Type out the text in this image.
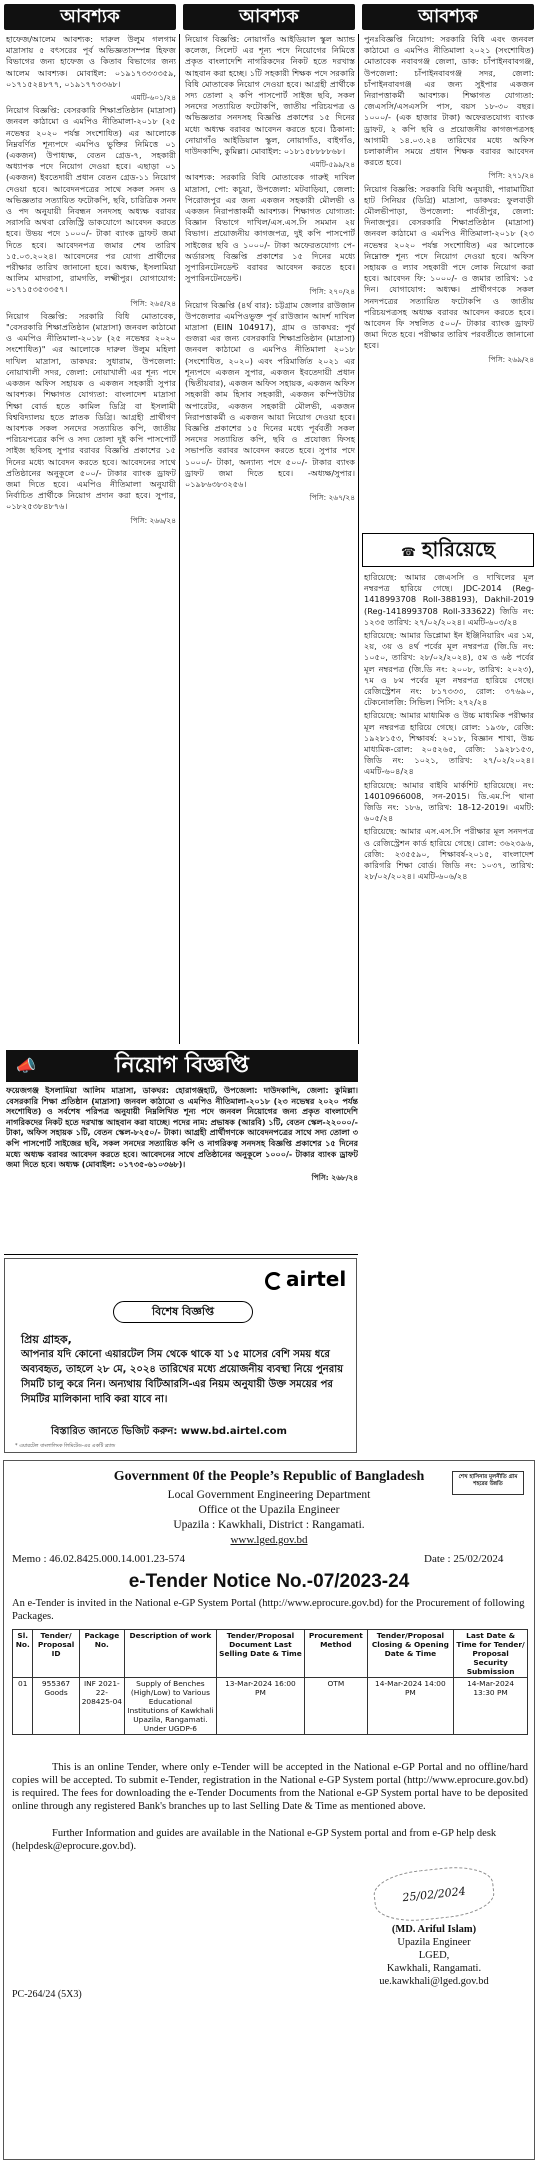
আবশ্যক	আবশ্যক	আবশ্যক

হাফেজ/আলেম আবশ্যক: দারুল উলুম গলগাম মাদ্রাসায় ৫ বৎসরের পূর্ব অভিজ্ঞতাসম্পন্ন হিফজ বিভাগের জন্য হাফেজ ও কিতাব বিভাগের জন্য আলেম আবশ্যক। মোবাইল: ০১৯১৭৩৩৩৩৫৯, ০১৭১৫২৪৮৭৭, ০১৯১৭৭৩৩৬৮।

এমটি-৬০১/২৪

নিয়োগ বিজ্ঞপ্তি: বেসরকারি শিক্ষাপ্রতিষ্ঠান (মাদ্রাসা) জনবল কাঠামো ও এমপিও নীতিমালা-২০১৮ (২৫ নভেম্বর ২০২০ পর্যন্ত সংশোধিত) এর আলোকে নিম্নবর্ণিত শূন্যপদে এমপিও ভুক্তির নিমিত্তে ০১ (একজন) উপাধ্যক্ষ, বেতন গ্রেড-৭, সহকারী অধ্যাপক পদে নিয়োগ দেওয়া হবে। এছাড়া ০১ (একজন) ইবতেদায়ী প্রধান বেতন গ্রেড-১১ নিয়োগ দেওয়া হবে। আবেদনপত্রের সাথে সকল সনদ ও অভিজ্ঞতার সত্যায়িত ফটোকপি, ছবি, চারিত্রিক সনদ ও পদ অনুযায়ী নিবন্ধন সনদসহ অধ্যক্ষ বরাবর সরাসরি অথবা রেজিস্ট্রি ডাকযোগে আবেদন করতে হবে। উভয় পদে ১০০০/- টাকা ব্যাংক ড্রাফট জমা দিতে হবে। আবেদনপত্র জমার শেষ তারিখ ১৫.০৩.২০২৪। আবেদনের পর যোগ্য প্রার্থীদের পরীক্ষার তারিখ জানানো হবে। অধ্যক্ষ, ইসলামিয়া আলিম মাদরাসা, রামগতি, লক্ষ্মীপুর। যোগাযোগ: ০১৭১৫৩৫৩৩৫৭।

পিসি: ২৬৫/২৪

নিয়োগ বিজ্ঞপ্তি: সরকারি বিধি মোতাবেক, "বেসরকারি শিক্ষাপ্রতিষ্ঠান (মাদ্রাসা) জনবল কাঠামো ও এমপিও নীতিমালা-২০১৮ (২৫ নভেম্বর ২০২০ সংশোধিত)" এর আলোকে দারুল উলুম মহিলা দাখিল মাদ্রাসা, ডাকঘর: সুধারাম, উপজেলা: নোয়াখালী সদর, জেলা: নোয়াখালী এর শূন্য পদে একজন অফিস সহায়ক ও একজন সহকারী সুপার আবশ্যক। শিক্ষাগত যোগ্যতা: বাংলাদেশ মাদ্রাসা শিক্ষা বোর্ড হতে কামিল ডিগ্রি বা ইসলামী বিশ্ববিদ্যালয় হতে স্নাতক ডিগ্রি। আগ্রহী প্রার্থীগণ আবশ্যক সকল সনদের সত্যায়িত কপি, জাতীয় পরিচয়পত্রের কপি ও সদ্য তোলা দুই কপি পাসপোর্ট সাইজ ছবিসহ সুপার বরাবর বিজ্ঞপ্তি প্রকাশের ১৫ দিনের মধ্যে আবেদন করতে হবে। আবেদনের সাথে প্রতিষ্ঠানের অনুকূলে ৫০০/- টাকার ব্যাংক ড্রাফট জমা দিতে হবে। এমপিও নীতিমালা অনুযায়ী নির্বাচিত প্রার্থীকে নিয়োগ প্রদান করা হবে। সুপার, ০১৮২৫৩৮৪৮৭৬।

পিসি: ২৬৬/২৪

নিয়োগ বিজ্ঞপ্তি: নোয়াগাঁও আইডিয়াল স্কুল অ্যান্ড কলেজ, সিলেট এর শূন্য পদে নিয়োগের নিমিত্তে প্রকৃত বাংলাদেশি নাগরিকদের নিকট হতে দরখাস্ত আহবান করা হচ্ছে। ১টি সহকারী শিক্ষক পদে সরকারি বিধি মোতাবেক নিয়োগ দেওয়া হবে। আগ্রহী প্রার্থীকে সদ্য তোলা ২ কপি পাসপোর্ট সাইজ ছবি, সকল সনদের সত্যায়িত ফটোকপি, জাতীয় পরিচয়পত্র ও অভিজ্ঞতার সনদসহ বিজ্ঞপ্তি প্রকাশের ১৫ দিনের মধ্যে অধ্যক্ষ বরাবর আবেদন করতে হবে। ঠিকানা: নোয়াগাঁও আইডিয়াল স্কুল, নোয়াগাঁও, বাইগাঁও, দাউদকান্দি, কুমিল্লা। মোবাইল: ০১৮১৫৮৮৮৮৬৮।

এমটি-৫৯৯/২৪

আবশ্যক: সরকারি বিধি মোতাবেক গারুই দাখিল মাদ্রাসা, পো: কচুয়া, উপজেলা: মটবাড়িয়া, জেলা: পিরোজপুর এর জন্য একজন সহকারী মৌলভী ও একজন নিরাপত্তাকর্মী আবশ্যক। শিক্ষাগত যোগ্যতা: বিজ্ঞান বিভাগে দাখিল/এস.এস.সি সমমান ২য় বিভাগ। প্রয়োজনীয় কাগজপত্র, দুই কপি পাসপোর্ট সাইজের ছবি ও ১০০০/- টাকা অফেরতযোগ্য পে-অর্ডারসহ বিজ্ঞপ্তি প্রকাশের ১৫ দিনের মধ্যে সুপারিনটেনডেন্ট বরাবর আবেদন করতে হবে। সুপারিনটেনডেন্ট।

পিসি: ২৭০/২৪

নিয়োগ বিজ্ঞপ্তি (৪র্থ বার): চট্টগ্রাম জেলার রাউজান উপজেলার এমপিওভুক্ত পূর্ব রাউজান আদর্শ দাখিল মাদ্রাসা (EIIN 104917), গ্রাম ও ডাকঘর: পূর্ব গুজরা এর জন্য বেসরকারি শিক্ষাপ্রতিষ্ঠান (মাদ্রাসা) জনবল কাঠামো ও এমপিও নীতিমালা ২০১৮ (সংশোধিত, ২০২০) এবং পরিমার্জিত ২০২১ এর শূন্যপদে একজন সুপার, একজন ইবতেদায়ী প্রধান (দ্বিতীয়বার), একজন অফিস সহায়ক, একজন অফিস সহকারী কাম হিসাব সহকারী, একজন কম্পিউটার অপারেটর, একজন সহকারী মৌলভী, একজন নিরাপত্তাকর্মী ও একজন আয়া নিয়োগ দেওয়া হবে। বিজ্ঞপ্তি প্রকাশের ১৫ দিনের মধ্যে পূর্ববর্তী সকল সনদের সত্যায়িত কপি, ছবি ও প্রযোজ্য ফিসহ সভাপতি বরাবর আবেদন করতে হবে। সুপার পদে ১০০০/- টাকা, অন্যান্য পদে ৫০০/- টাকার ব্যাংক ড্রাফট জমা দিতে হবে। -অধ্যক্ষ/সুপার। ০১৯৮৬৩৮৩২৫৬।

পিসি: ২৬৭/২৪

পুনঃবিজ্ঞপ্তি নিয়োগ: সরকারি বিধি এবং জনবল কাঠামো ও এমপিও নীতিমালা ২০২১ (সংশোধিত) মোতাবেক নবাবগঞ্জ জেলা, ডাক: চাঁপাইনবাবগঞ্জ, উপজেলা: চাঁপাইনবাবগঞ্জ সদর, জেলা: চাঁপাইনবাবগঞ্জ এর জন্য সুইপার একজন নিরাপত্তাকর্মী আবশ্যক। শিক্ষাগত যোগ্যতা: জেএসসি/এসএসসি পাস, বয়স ১৮-৩০ বছর। ১০০০/- (এক হাজার টাকা) অফেরতযোগ্য ব্যাংক ড্রাফট, ২ কপি ছবি ও প্রয়োজনীয় কাগজপত্রসহ আগামী ১৪.০৩.২৪ তারিখের মধ্যে অফিস চলাকালীন সময়ে প্রধান শিক্ষক বরাবর আবেদন করতে হবে।

পিসি: ২৭১/২৪

নিয়োগ বিজ্ঞপ্তি: সরকারি বিধি অনুযায়ী, পারামাটিয়া হাট সিনিয়র (ডিগ্রি) মাদ্রাসা, ডাকঘর: ফুলবাড়ী মৌলভীপাড়া, উপজেলা: পার্বতীপুর, জেলা: দিনাজপুর। বেসরকারি শিক্ষাপ্রতিষ্ঠান (মাদ্রাসা) জনবল কাঠামো ও এমপিও নীতিমালা-২০১৮ (২৩ নভেম্বর ২০২০ পর্যন্ত সংশোধিত) এর আলোকে নিম্নোক্ত শূন্য পদে নিয়োগ দেওয়া হবে। অফিস সহায়ক ও ল্যাব সহকারী পদে লোক নিয়োগ করা হবে। আবেদন ফি: ১০০০/- ও জমার তারিখ: ১৫ দিন। যোগাযোগ: অধ্যক্ষ। প্রার্থীগণকে সকল সনদপত্রের সত্যায়িত ফটোকপি ও জাতীয় পরিচয়পত্রসহ অধ্যক্ষ বরাবর আবেদন করতে হবে। আবেদন ফি সম্বলিত ৫০০/- টাকার ব্যাংক ড্রাফট জমা দিতে হবে। পরীক্ষার তারিখ পরবর্তীতে জানানো হবে।

পিসি: ২৬৯/২৪

☎ হারিয়েছে

হারিয়েছে: আমার জেএসসি ও দাখিলের মূল নম্বরপত্র হারিয়ে গেছে। JDC-2014 (Reg-1418993708 Roll-388193), Dakhil-2019 (Reg-1418993708 Roll-333622) জিডি নং: ১২৩৫ তারিখ: ২৭/০২/২০২৪। এমটি-৬০৩/২৪

হারিয়েছে: আমার ডিপ্লোমা ইন ইঞ্জিনিয়ারিং এর ১ম, ২য়, ৩য় ও ৪র্থ পর্বের মূল নম্বরপত্র (জি.ডি নং: ১০৫০, তারিখ: ২৮/০২/২০২৪), ৫ম ও ৬ষ্ঠ পর্বের মূল নম্বরপত্র (জি.ডি নং: ২০০৮, তারিখ: ২০২৩), ৭ম ও ৮ম পর্বের মূল নম্বরপত্র হারিয়ে গেছে। রেজিস্ট্রেশন নং: ৮১৭৩৩৩, রোল: ৩৭৬৯০, টেকনোলজি: সিভিল। পিসি: ২৭২/২৪

হারিয়েছে: আমার মাধ্যমিক ও উচ্চ মাধ্যমিক পরীক্ষার মূল নম্বরপত্র হারিয়ে গেছে। রোল: ১৯৩৮, রেজি: ১৯২৮১৫৩, শিক্ষাবর্ষ: ২০১৮, বিজ্ঞান শাখা, উচ্চ মাধ্যমিক-রোল: ২০৫২৬৫, রেজি: ১৯২৮১৫৩, জিডি নং: ১০২১, তারিখ: ২৭/০২/২০২৪। এমটি-৬০৪/২৪

হারিয়েছে: আমার বাইবি মার্কশিট হারিয়েছে। নং: 14010966008, সন-2015। ডি.এম.পি থানা জিডি নং: ১৮৬, তারিখ: 18-12-2019। এমটি: ৬০৫/২৪

হারিয়েছে: আমার এস.এস.সি পরীক্ষার মূল সনদপত্র ও রেজিস্ট্রেশন কার্ড হারিয়ে গেছে। রোল: ৩৬২৩৯৬, রেজি: ২৩৫৫৯০, শিক্ষাবর্ষ-২০১৫, বাংলাদেশ কারিগরি শিক্ষা বোর্ড। জিডি নং: ১০৩৭, তারিখ: ২৮/০২/২০২৪। এমটি-৬০৬/২৪

📣	নিয়োগ বিজ্ঞপ্তি

ফয়েজগঞ্জ ইসলামিয়া আলিম মাদ্রাসা, ডাকঘর: হোরাগঞ্জহাট, উপজেলা: দাউদকান্দি, জেলা: কুমিল্লা। বেসরকারি শিক্ষা প্রতিষ্ঠান (মাদ্রাসা) জনবল কাঠামো ও এমপিও নীতিমালা-২০১৮ (২৩ নভেম্বর ২০২০ পর্যন্ত সংশোধিত) ও সর্বশেষ পরিপত্র অনুযায়ী নিম্নলিখিত শূন্য পদে জনবল নিয়োগের জন্য প্রকৃত বাংলাদেশি নাগরিকদের নিকট হতে দরখাস্ত আহবান করা যাচ্ছে। পদের নাম: প্রভাষক (আরবি) ১টি, বেতন স্কেল-২২০০০/- টাকা, অফিস সহায়ক ১টি, বেতন স্কেল-৮২৫০/- টাকা। আগ্রহী প্রার্থীগণকে আবেদনপত্রের সাথে সদ্য তোলা ৩ কপি পাসপোর্ট সাইজের ছবি, সকল সনদের সত্যায়িত কপি ও নাগরিকত্ব সনদসহ বিজ্ঞপ্তি প্রকাশের ১৫ দিনের মধ্যে অধ্যক্ষ বরাবর আবেদন করতে হবে। আবেদনের সাথে প্রতিষ্ঠানের অনুকূলে ১০০০/- টাকার ব্যাংক ড্রাফট জমা দিতে হবে। অধ্যক্ষ (মোবাইল: ০১৭৩৫-৬১০৩৬৮)।

পিসি: ২৬৮/২৪

airtel
বিশেষ বিজ্ঞপ্তি
প্রিয় গ্রাহক,
আপনার যদি কোনো এয়ারটেল সিম থেকে থাকে যা ১৫ মাসের বেশি সময় ধরে অব্যবহৃত, তাহলে ২৮ মে, ২০২৪ তারিখের মধ্যে প্রয়োজনীয় ব্যবস্থা নিয়ে পুনরায় সিমটি চালু করে নিন। অন্যথায় বিটিআরসি-এর নিয়ম অনুযায়ী উক্ত সময়ের পর সিমটির মালিকানা দাবি করা যাবে না।
বিস্তারিত জানতে ভিজিট করুন: www.bd.airtel.com
* এয়ারটেল বাংলালিংক লিমিটেড-এর একটি ব্র্যান্ড
Government 0f the People’s Republic of Bangladesh
Local Government Engineering Department
Office ot the Upazila Engineer
Upazila : Kawkhali, District : Rangamati.
www.lged.gov.bd
শেখ হাসিনার মূলনীতি গ্রাম শহরের উন্নতি
Memo : 46.02.8425.000.14.001.23-574	Date : 25/02/2024
e-Tender Notice No.-07/2023-24
An e-Tender is invited in the National e-GP System Portal (http://www.eprocure.gov.bd) for the Procurement of following Packages.
Sl. No.	Tender/ Proposal ID	Package No.	Description of work	Tender/Proposal Document Last Selling Date & Time	Procurement Method	Tender/Proposal Closing & Opening Date & Time	Last Date & Time for Tender/ Proposal Security Submission
01	955367 Goods	INF 2021-22-208425-04	Supply of Benches (High/Low) to Various Educational Institutions of Kawkhali Upazila, Rangamati. Under UGDP-6	13-Mar-2024 16:00 PM	OTM	14-Mar-2024 14:00 PM	14-Mar-2024 13:30 PM
This is an online Tender, where only e-Tender will be accepted in the National e-GP Portal and no offline/hard copies will be accepted. To submit e-Tender, registration in the National e-GP System portal (http://www.eprocure.gov.bd) is required. The fees for downloading the e-Tender Documents from the National e-GP System portal have to be deposited online through any registered Bank's branches up to last Selling Date & Time as mentioned above.
Further Information and guides are available in the National e-GP System portal and from e-GP help desk (helpdesk@eprocure.gov.bd).
25/02/2024
(MD. Ariful Islam)
Upazila Engineer
LGED,
Kawkhali, Rangamati.
ue.kawkhali@lged.gov.bd
PC-264/24 (5X3)
